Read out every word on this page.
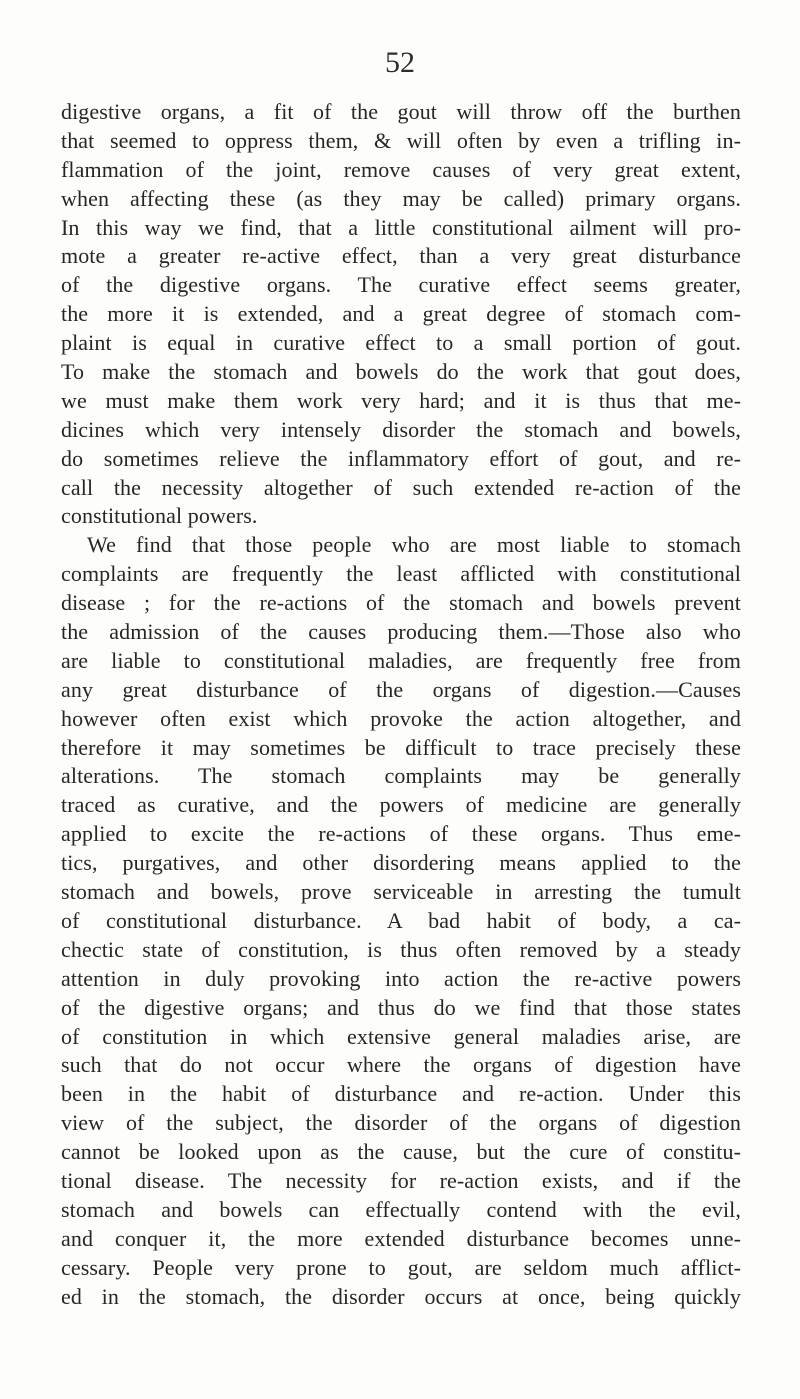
52
digestive organs, a fit of the gout will throw off the burthen
that seemed to oppress them, & will often by even a trifling in-
flammation of the joint, remove causes of very great extent,
when affecting these (as they may be called) primary organs.
In this way we find, that a little constitutional ailment will pro-
mote a greater re-active effect, than a very great disturbance
of the digestive organs. The curative effect seems greater,
the more it is extended, and a great degree of stomach com-
plaint is equal in curative effect to a small portion of gout.
To make the stomach and bowels do the work that gout does,
we must make them work very hard; and it is thus that me-
dicines which very intensely disorder the stomach and bowels,
do sometimes relieve the inflammatory effort of gout, and re-
call the necessity altogether of such extended re-action of the
constitutional powers.
We find that those people who are most liable to stomach
complaints are frequently the least afflicted with constitutional
disease ; for the re-actions of the stomach and bowels prevent
the admission of the causes producing them.—Those also who
are liable to constitutional maladies, are frequently free from
any great disturbance of the organs of digestion.—Causes
however often exist which provoke the action altogether, and
therefore it may sometimes be difficult to trace precisely these
alterations. The stomach complaints may be generally
traced as curative, and the powers of medicine are generally
applied to excite the re-actions of these organs. Thus eme-
tics, purgatives, and other disordering means applied to the
stomach and bowels, prove serviceable in arresting the tumult
of constitutional disturbance. A bad habit of body, a ca-
chectic state of constitution, is thus often removed by a steady
attention in duly provoking into action the re-active powers
of the digestive organs; and thus do we find that those states
of constitution in which extensive general maladies arise, are
such that do not occur where the organs of digestion have
been in the habit of disturbance and re-action. Under this
view of the subject, the disorder of the organs of digestion
cannot be looked upon as the cause, but the cure of constitu-
tional disease. The necessity for re-action exists, and if the
stomach and bowels can effectually contend with the evil,
and conquer it, the more extended disturbance becomes unne-
cessary. People very prone to gout, are seldom much afflict-
ed in the stomach, the disorder occurs at once, being quickly
